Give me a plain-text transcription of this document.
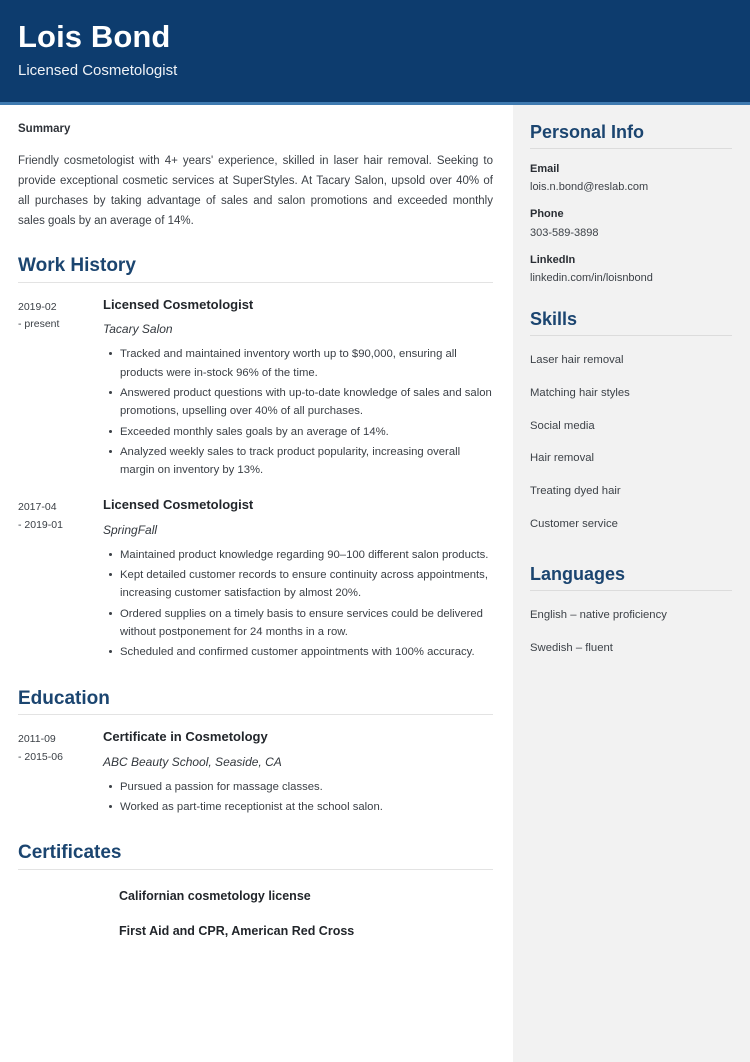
Lois Bond
Licensed Cosmetologist
Summary

Friendly cosmetologist with 4+ years' experience, skilled in laser hair removal. Seeking to provide exceptional cosmetic services at SuperStyles. At Tacary Salon, upsold over 40% of all purchases by taking advantage of sales and salon promotions and exceeded monthly sales goals by an average of 14%.

Work History
2019-02
- present
Licensed Cosmetologist
Tacary Salon
Tracked and maintained inventory worth up to $90,000, ensuring all products were in-stock 96% of the time.
Answered product questions with up-to-date knowledge of sales and salon promotions, upselling over 40% of all purchases.
Exceeded monthly sales goals by an average of 14%.
Analyzed weekly sales to track product popularity, increasing overall margin on inventory by 13%.
2017-04
- 2019-01
Licensed Cosmetologist
SpringFall
Maintained product knowledge regarding 90–100 different salon products.
Kept detailed customer records to ensure continuity across appointments, increasing customer satisfaction by almost 20%.
Ordered supplies on a timely basis to ensure services could be delivered without postponement for 24 months in a row.
Scheduled and confirmed customer appointments with 100% accuracy.
Education
2011-09
- 2015-06
Certificate in Cosmetology
ABC Beauty School, Seaside, CA
Pursued a passion for massage classes.
Worked as part-time receptionist at the school salon.
Certificates
Californian cosmetology license
First Aid and CPR, American Red Cross
Personal Info
Email
lois.n.bond@reslab.com
Phone
303-589-3898
LinkedIn
linkedin.com/in/loisnbond
Skills
Laser hair removal
Matching hair styles
Social media
Hair removal
Treating dyed hair
Customer service
Languages
English – native proficiency
Swedish – fluent
